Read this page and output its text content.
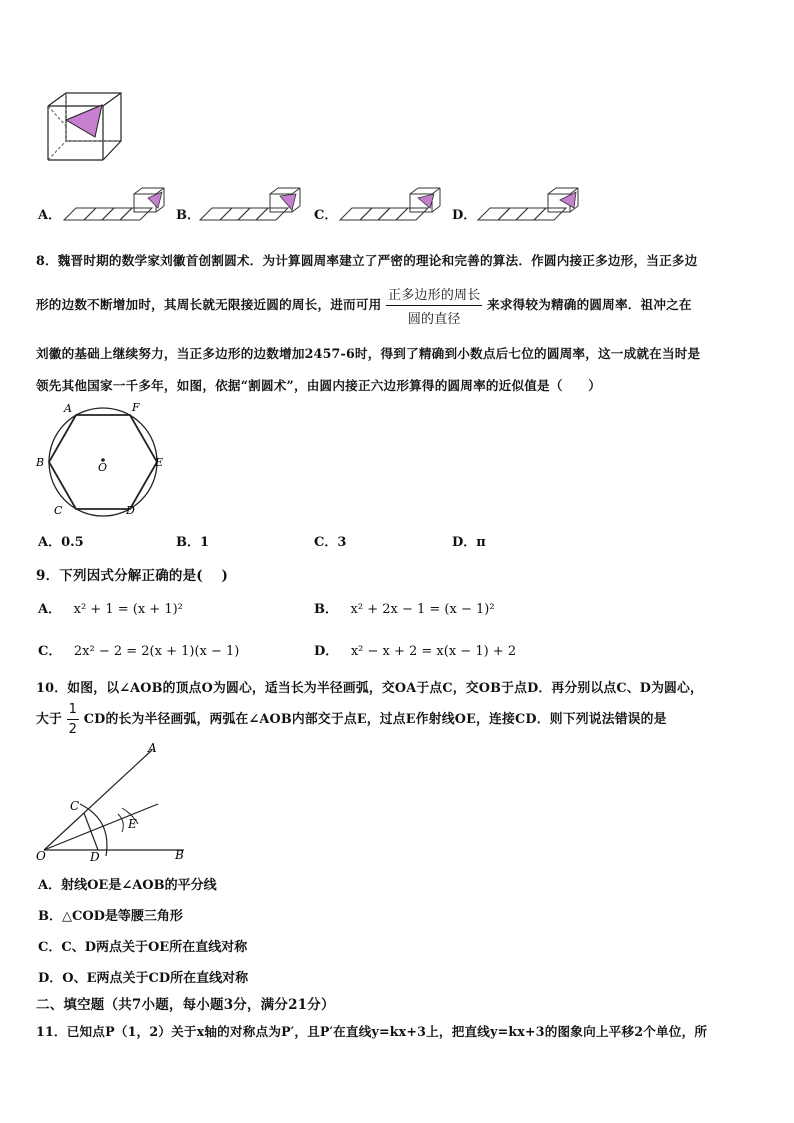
A．	B．	C．	D．
8．魏晋时期的数学家刘徽首创割圆术．为计算圆周率建立了严密的理论和完善的算法．作圆内接正多边形，当正多边
形的边数不断增加时，其周长就无限接近圆的周长，进而可用 $\frac{\text{正多边形的周长}}{\text{圆的直径}}$ 来求得较为精确的圆周率．祖冲之在
刘徽的基础上继续努力，当正多边形的边数增加2457-6时，得到了精确到小数点后七位的圆周率，这一成就在当时是
领先其他国家一千多年，如图，依据“割圆术”，由圆内接正六边形算得的圆周率的近似值是（　　）
A	F
B	E
C	D
O
A．0.5	B．1	C．3	D．π
9．下列因式分解正确的是(　 )
A． x² + 1 = (x + 1)²	B． x² + 2x − 1 = (x − 1)²
C． 2x² − 2 = 2(x + 1)(x − 1)	D． x² − x + 2 = x(x − 1) + 2
10．如图，以∠AOB的顶点O为圆心，适当长为半径画弧，交OA于点C，交OB于点D．再分别以点C、D为圆心，
大于 $\frac{1}{2}$ CD的长为半径画弧，两弧在∠AOB内部交于点E，过点E作射线OE，连接CD．则下列说法错误的是
A
C
E
O	D	B
A．射线OE是∠AOB的平分线
B．△COD是等腰三角形
C．C、D两点关于OE所在直线对称
D．O、E两点关于CD所在直线对称
二、填空题（共7小题，每小题3分，满分21分）
11．已知点P（1，2）关于x轴的对称点为P′，且P′在直线y=kx+3上，把直线y=kx+3的图象向上平移2个单位，所
